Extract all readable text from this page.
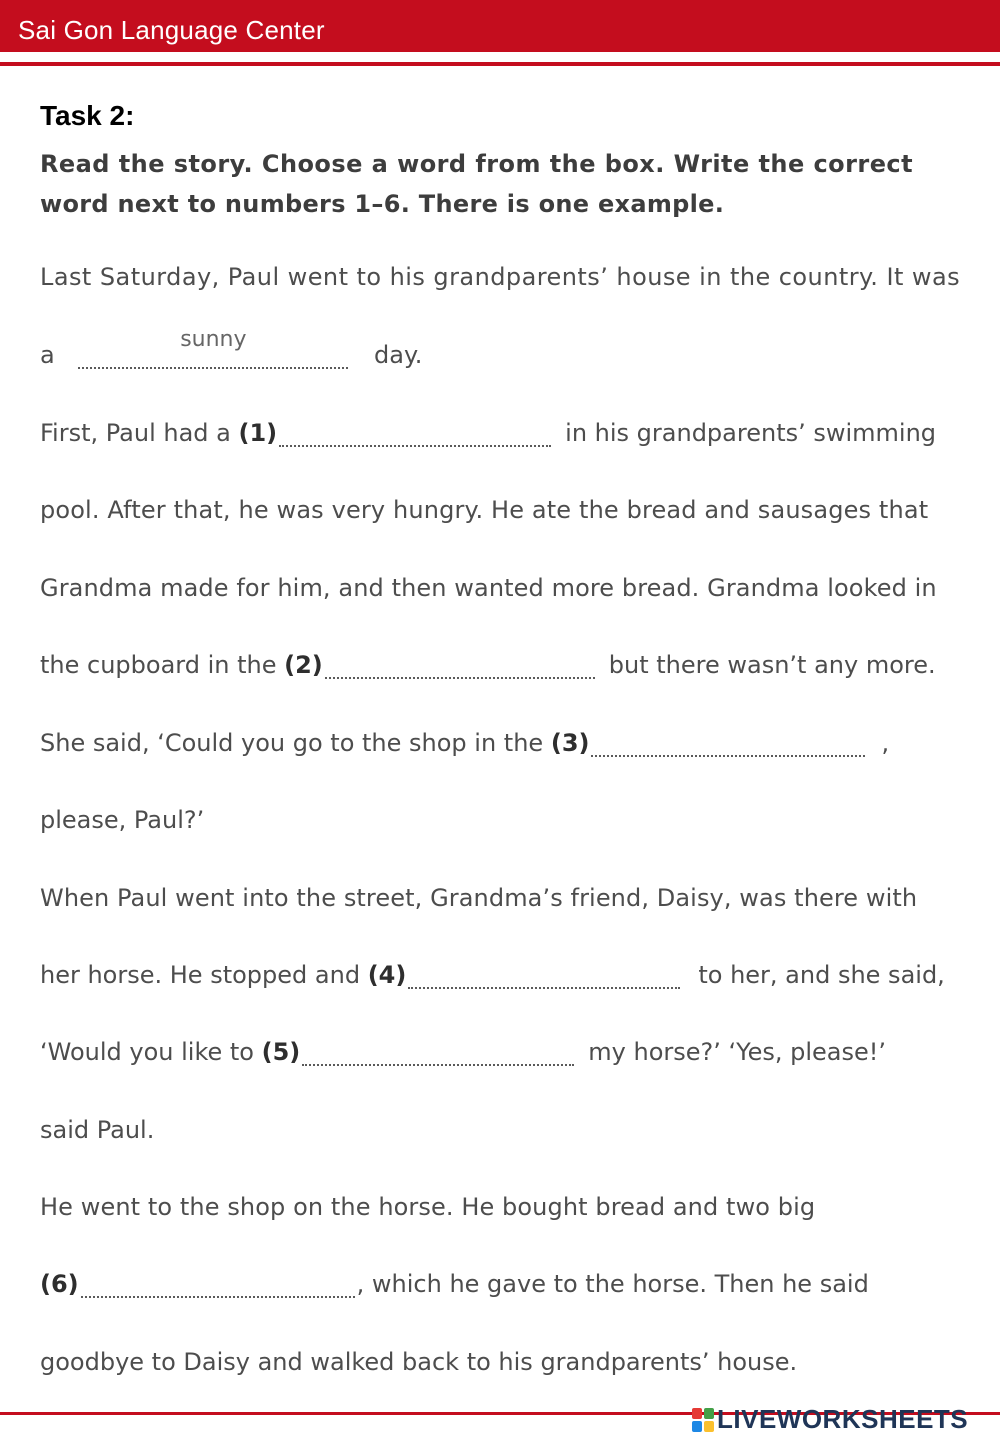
Sai Gon Language Center
Task 2:
Read the story. Choose a word from the box. Write the correct
word next to numbers 1–6. There is one example.
Last Saturday, Paul went to his grandparents’ house in the country. It was
a
sunny
day.
First, Paul had a (1)	in his grandparents’ swimming
pool. After that, he was very hungry. He ate the bread and sausages that
Grandma made for him, and then wanted more bread. Grandma looked in
the cupboard in the (2)	but there wasn’t any more.
She said, ‘Could you go to the shop in the (3)	,
please, Paul?’
When Paul went into the street, Grandma’s friend, Daisy, was there with
her horse. He stopped and (4)	to her, and she said,
‘Would you like to (5)	my horse?’ ‘Yes, please!’
said Paul.
He went to the shop on the horse. He bought bread and two big
(6)	, which he gave to the horse. Then he said
goodbye to Daisy and walked back to his grandparents’ house.
LIVEWORKSHEETS
